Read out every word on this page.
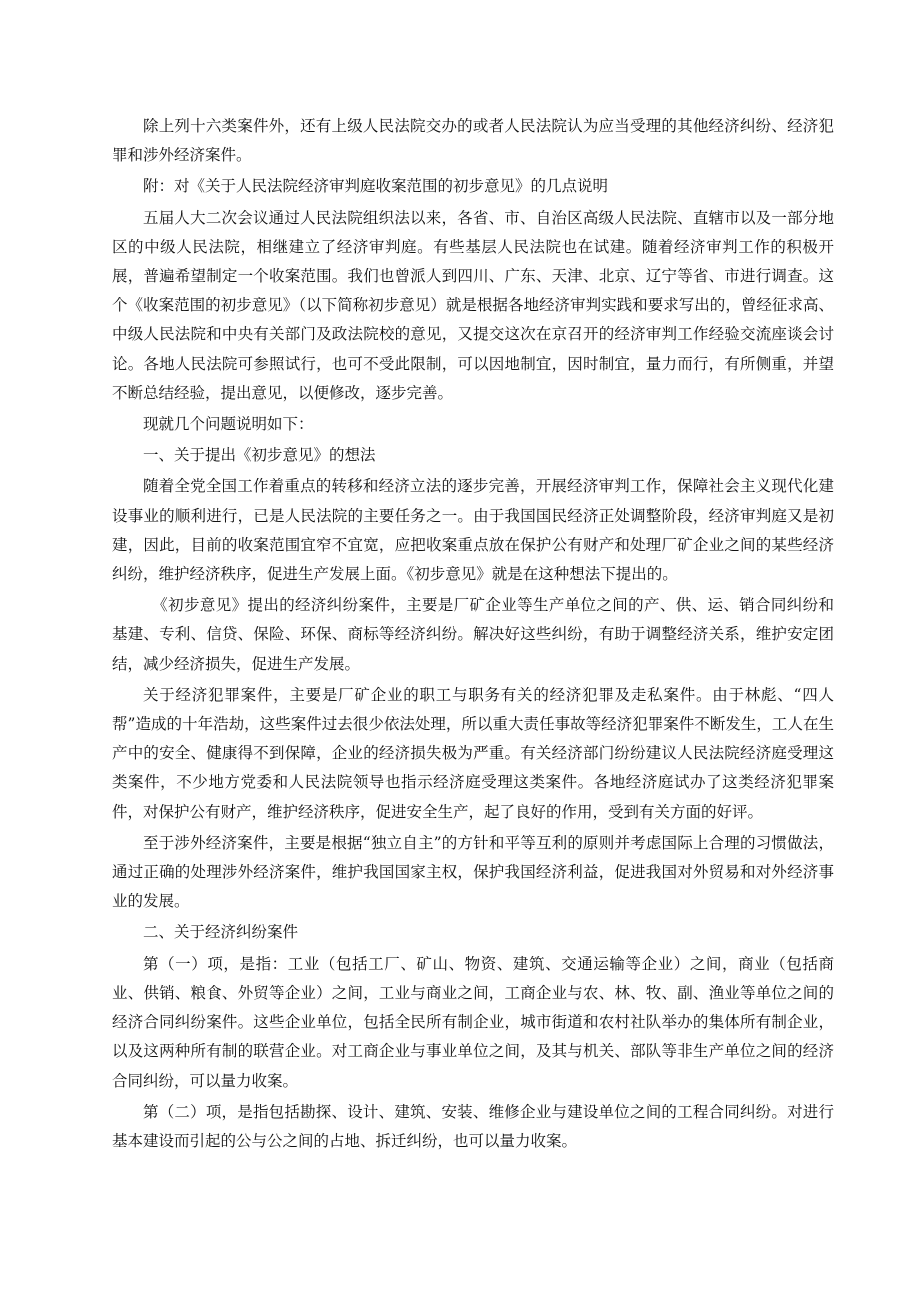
除上列十六类案件外，还有上级人民法院交办的或者人民法院认为应当受理的其他经济纠纷、经济犯罪和涉外经济案件。

附：对《关于人民法院经济审判庭收案范围的初步意见》的几点说明

五届人大二次会议通过人民法院组织法以来，各省、市、自治区高级人民法院、直辖市以及一部分地区的中级人民法院，相继建立了经济审判庭。有些基层人民法院也在试建。随着经济审判工作的积极开展，普遍希望制定一个收案范围。我们也曾派人到四川、广东、天津、北京、辽宁等省、市进行调查。这个《收案范围的初步意见》（以下简称初步意见）就是根据各地经济审判实践和要求写出的，曾经征求高、中级人民法院和中央有关部门及政法院校的意见，又提交这次在京召开的经济审判工作经验交流座谈会讨论。各地人民法院可参照试行，也可不受此限制，可以因地制宜，因时制宜，量力而行，有所侧重，并望不断总结经验，提出意见，以便修改，逐步完善。

现就几个问题说明如下：

一、关于提出《初步意见》的想法

随着全党全国工作着重点的转移和经济立法的逐步完善，开展经济审判工作，保障社会主义现代化建设事业的顺利进行，已是人民法院的主要任务之一。由于我国国民经济正处调整阶段，经济审判庭又是初建，因此，目前的收案范围宜窄不宜宽，应把收案重点放在保护公有财产和处理厂矿企业之间的某些经济纠纷，维护经济秩序，促进生产发展上面。《初步意见》就是在这种想法下提出的。

《初步意见》提出的经济纠纷案件，主要是厂矿企业等生产单位之间的产、供、运、销合同纠纷和基建、专利、信贷、保险、环保、商标等经济纠纷。解决好这些纠纷，有助于调整经济关系，维护安定团结，减少经济损失，促进生产发展。

关于经济犯罪案件，主要是厂矿企业的职工与职务有关的经济犯罪及走私案件。由于林彪、“四人帮”造成的十年浩劫，这些案件过去很少依法处理，所以重大责任事故等经济犯罪案件不断发生，工人在生产中的安全、健康得不到保障，企业的经济损失极为严重。有关经济部门纷纷建议人民法院经济庭受理这类案件，不少地方党委和人民法院领导也指示经济庭受理这类案件。各地经济庭试办了这类经济犯罪案件，对保护公有财产，维护经济秩序，促进安全生产，起了良好的作用，受到有关方面的好评。

至于涉外经济案件，主要是根据“独立自主”的方针和平等互利的原则并考虑国际上合理的习惯做法，通过正确的处理涉外经济案件，维护我国国家主权，保护我国经济利益，促进我国对外贸易和对外经济事业的发展。

二、关于经济纠纷案件

第（一）项，是指：工业（包括工厂、矿山、物资、建筑、交通运输等企业）之间，商业（包括商业、供销、粮食、外贸等企业）之间，工业与商业之间，工商企业与农、林、牧、副、渔业等单位之间的经济合同纠纷案件。这些企业单位，包括全民所有制企业，城市街道和农村社队举办的集体所有制企业，以及这两种所有制的联营企业。对工商企业与事业单位之间，及其与机关、部队等非生产单位之间的经济合同纠纷，可以量力收案。

第（二）项，是指包括勘探、设计、建筑、安装、维修企业与建设单位之间的工程合同纠纷。对进行基本建设而引起的公与公之间的占地、拆迁纠纷，也可以量力收案。
